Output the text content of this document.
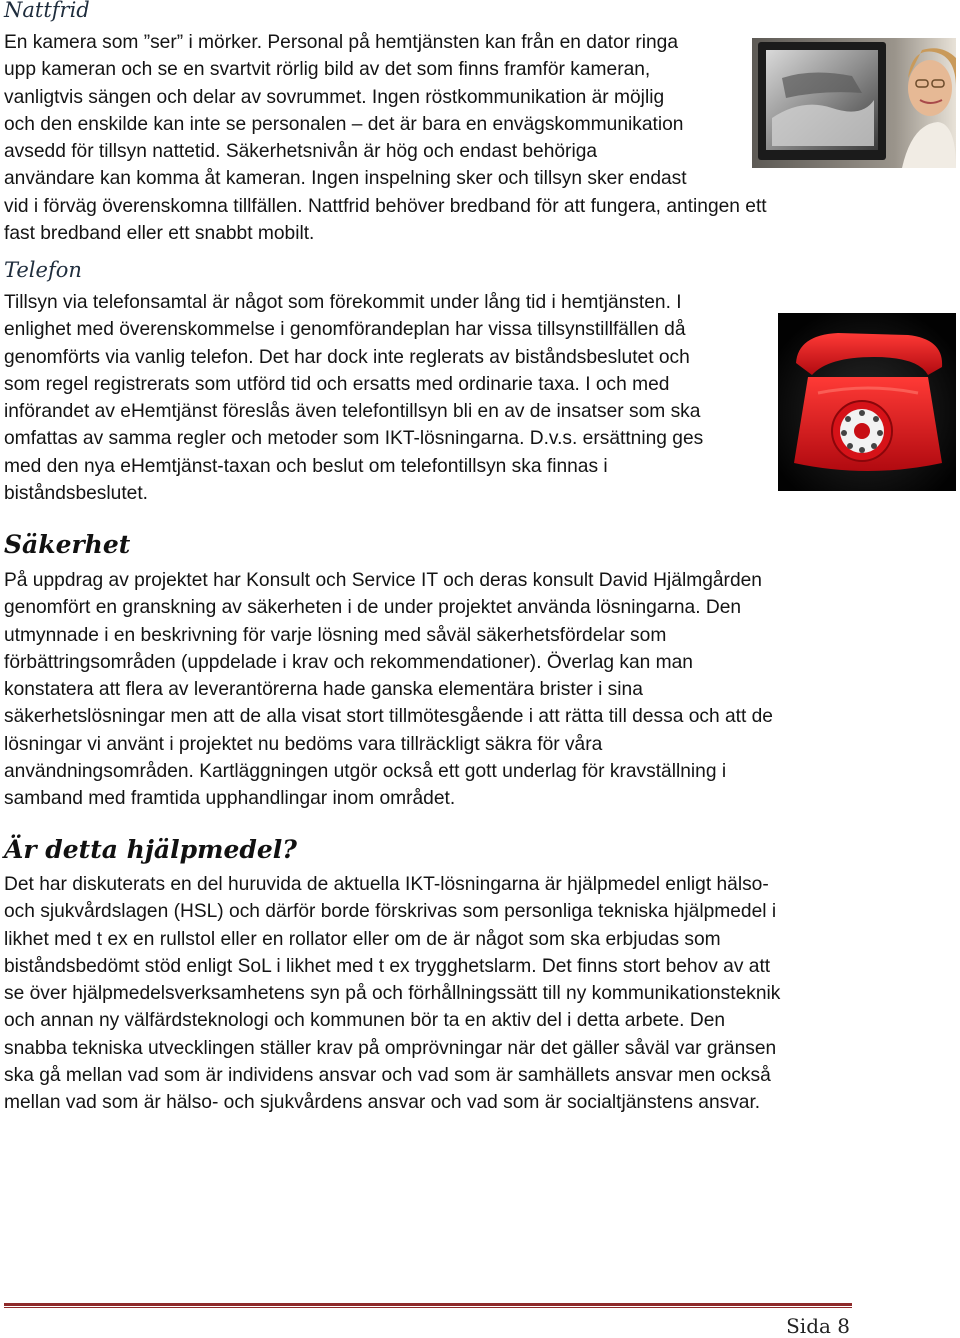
Nattfrid
En kamera som ”ser” i mörker. Personal på hemtjänsten kan från en dator ringa
upp kameran och se en svartvit rörlig bild av det som finns framför kameran,
vanligtvis sängen och delar av sovrummet. Ingen röstkommunikation är möjlig
och den enskilde kan inte se personalen – det är bara en envägskommunikation
avsedd för tillsyn nattetid. Säkerhetsnivån är hög och endast behöriga
användare kan komma åt kameran. Ingen inspelning sker och tillsyn sker endast
vid i förväg överenskomna tillfällen. Nattfrid behöver bredband för att fungera, antingen ett
fast bredband eller ett snabbt mobilt.
Telefon
Tillsyn via telefonsamtal är något som förekommit under lång tid i hemtjänsten. I
enlighet med överenskommelse i genomförandeplan har vissa tillsynstillfällen då
genomförts via vanlig telefon. Det har dock inte reglerats av biståndsbeslutet och
som regel registrerats som utförd tid och ersatts med ordinarie taxa. I och med
införandet av eHemtjänst föreslås även telefontillsyn bli en av de insatser som ska
omfattas av samma regler och metoder som IKT-lösningarna. D.v.s. ersättning ges
med den nya eHemtjänst-taxan och beslut om telefontillsyn ska finnas i
biståndsbeslutet.
Säkerhet
På uppdrag av projektet har Konsult och Service IT och deras konsult David Hjälmgården
genomfört en granskning av säkerheten i de under projektet använda lösningarna. Den
utmynnade i en beskrivning för varje lösning med såväl säkerhetsfördelar som
förbättringsområden (uppdelade i krav och rekommendationer). Överlag kan man
konstatera att flera av leverantörerna hade ganska elementära brister i sina
säkerhetslösningar men att de alla visat stort tillmötesgående i att rätta till dessa och att de
lösningar vi använt i projektet nu bedöms vara tillräckligt säkra för våra
användningsområden. Kartläggningen utgör också ett gott underlag för kravställning i
samband med framtida upphandlingar inom området.
Är detta hjälpmedel?
Det har diskuterats en del huruvida de aktuella IKT-lösningarna är hjälpmedel enligt hälso-
och sjukvårdslagen (HSL) och därför borde förskrivas som personliga tekniska hjälpmedel i
likhet med t ex en rullstol eller en rollator eller om de är något som ska erbjudas som
biståndsbedömt stöd enligt SoL i likhet med t ex trygghetslarm. Det finns stort behov av att
se över hjälpmedelsverksamhetens syn på och förhållningssätt till ny kommunikationsteknik
och annan ny välfärdsteknologi och kommunen bör ta en aktiv del i detta arbete. Den
snabba tekniska utvecklingen ställer krav på omprövningar när det gäller såväl var gränsen
ska gå mellan vad som är individens ansvar och vad som är samhällets ansvar men också
mellan vad som är hälso- och sjukvårdens ansvar och vad som är socialtjänstens ansvar.
Sida 8
